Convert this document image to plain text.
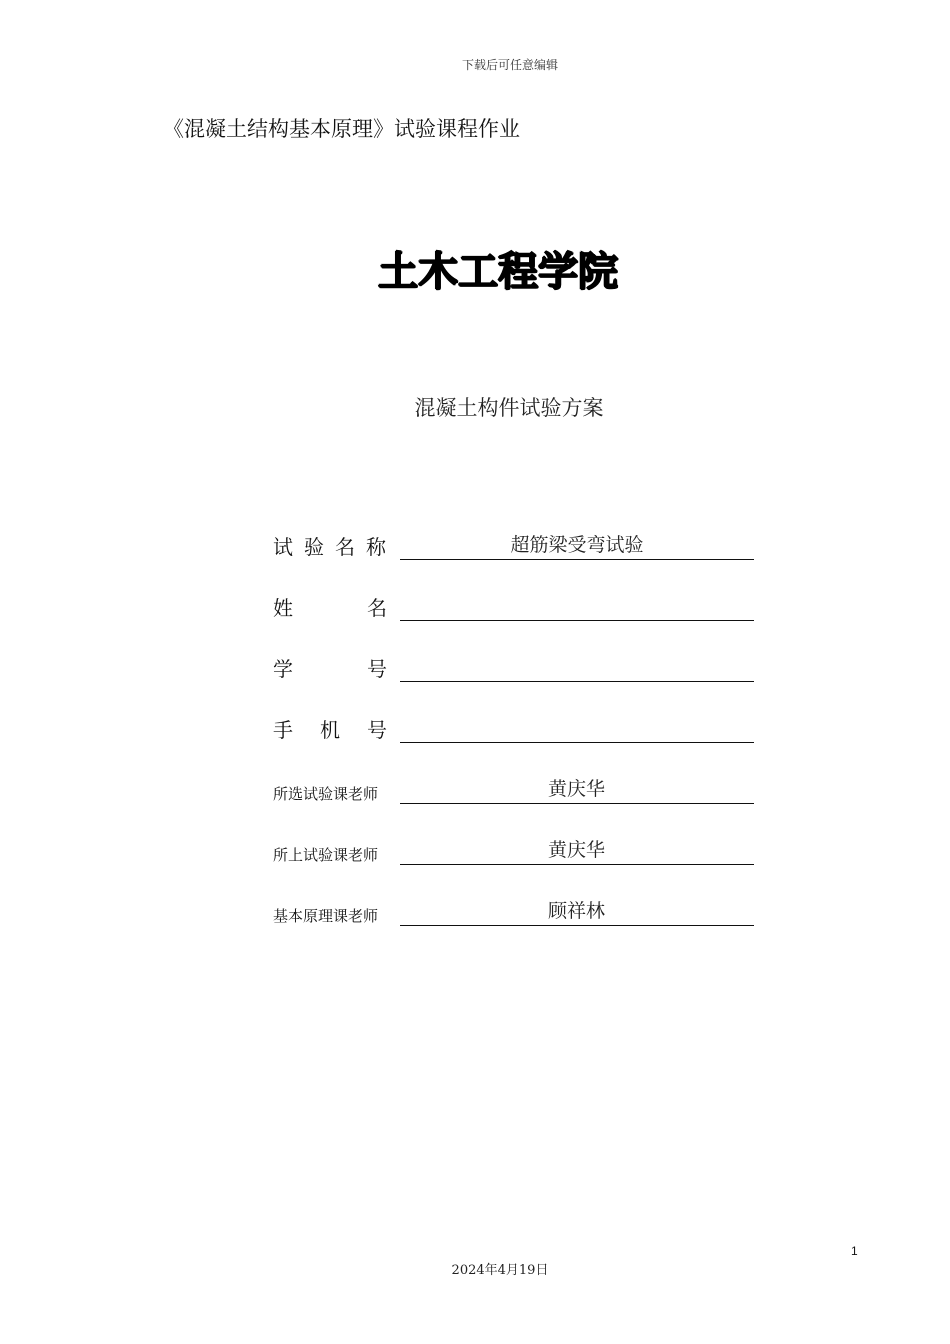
下载后可任意编辑
《混凝土结构基本原理》试验课程作业
土木工程学院
混凝土构件试验方案
试验名称	超筋梁受弯试验
姓名
学号
手机号
所选试验课老师	黄庆华
所上试验课老师	黄庆华
基本原理课老师	顾祥林
1
2024年4月19日
